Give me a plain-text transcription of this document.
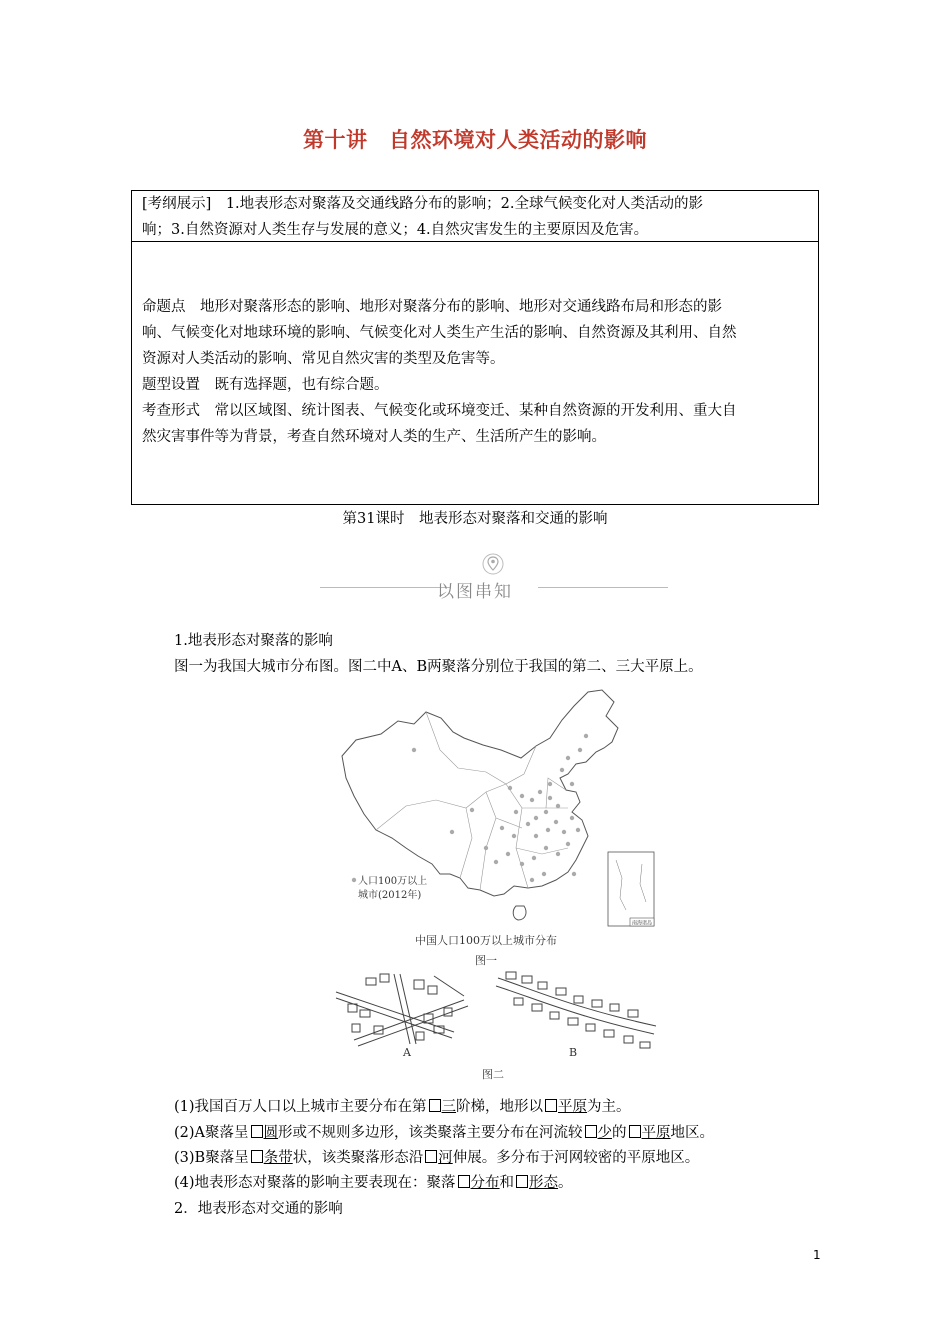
第十讲　自然环境对人类活动的影响
[考纲展示]　1.地表形态对聚落及交通线路分布的影响；2.全球气候变化对人类活动的影
响；3.自然资源对人类生存与发展的意义；4.自然灾害发生的主要原因及危害。
命题点　地形对聚落形态的影响、地形对聚落分布的影响、地形对交通线路布局和形态的影
响、气候变化对地球环境的影响、气候变化对人类生产生活的影响、自然资源及其利用、自然
资源对人类活动的影响、常见自然灾害的类型及危害等。
题型设置　既有选择题，也有综合题。
考查形式　常以区域图、统计图表、气候变化或环境变迁、某种自然资源的开发利用、重大自
然灾害事件等为背景，考查自然环境对人类的生产、生活所产生的影响。
第31课时　地表形态对聚落和交通的影响
以图串知
1.地表形态对聚落的影响
图一为我国大城市分布图。图二中A、B两聚落分别位于我国的第二、三大平原上。
南海诸岛
人口100万以上
城市(2012年)
中国人口100万以上城市分布
图一
A	B
图二
(1)我国百万人口以上城市主要分布在第 三阶梯，地形以 平原为主。
(2)A聚落呈 圆形或不规则多边形，该类聚落主要分布在河流较 少的 平原地区。
(3)B聚落呈 条带状，该类聚落形态沿 河伸展。多分布于河网较密的平原地区。
(4)地表形态对聚落的影响主要表现在：聚落 分布和 形态。
2．地表形态对交通的影响
1
